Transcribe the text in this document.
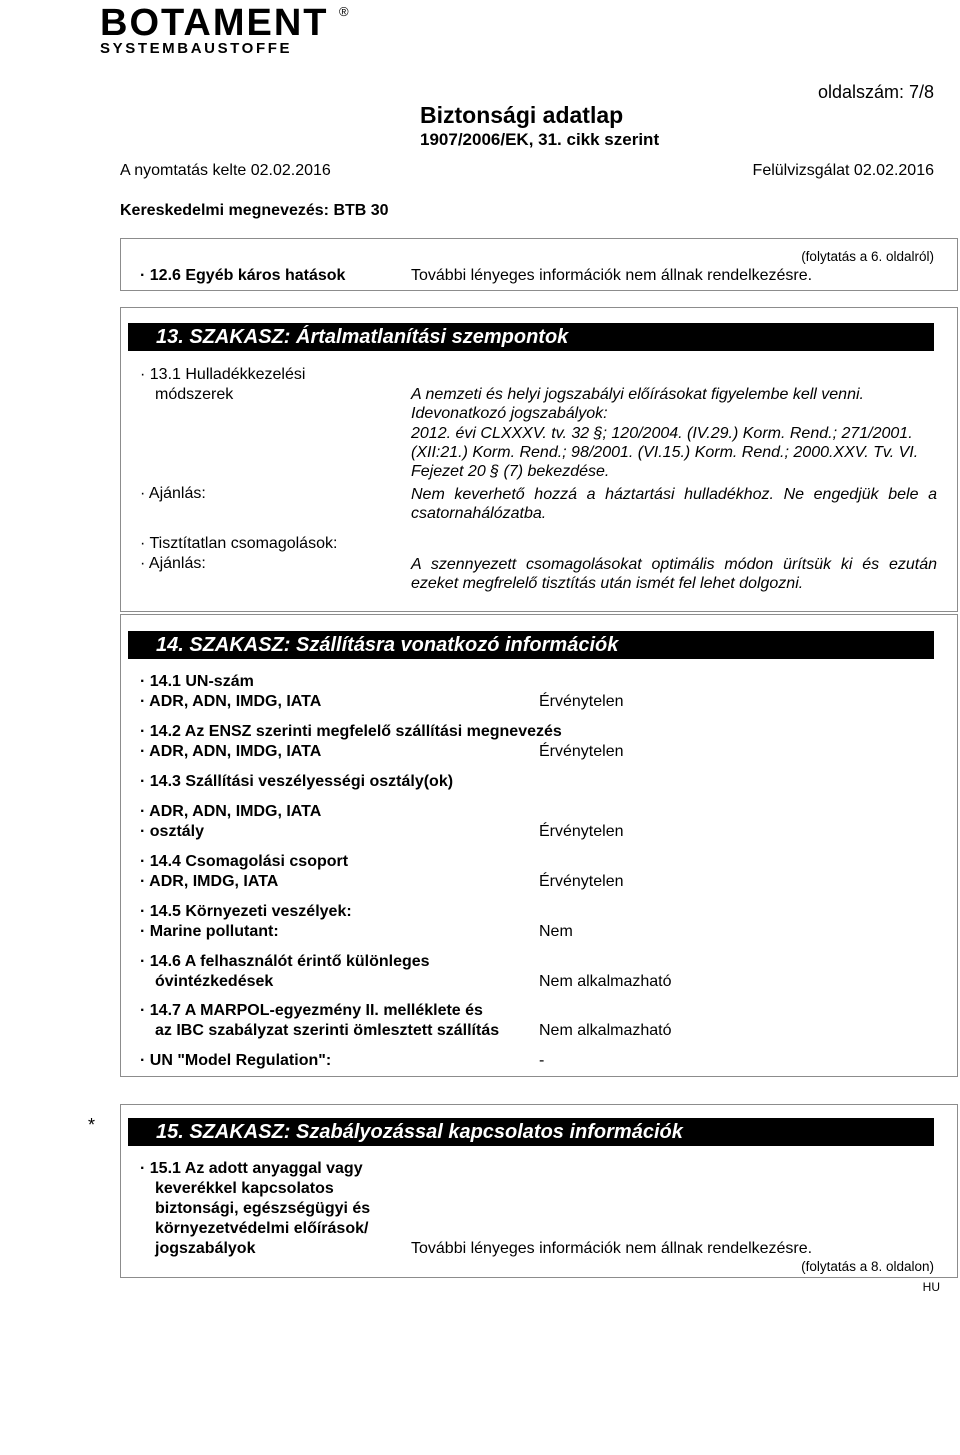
BOTAMENT ®
SYSTEMBAUSTOFFE
oldalszám: 7/8
Biztonsági adatlap
1907/2006/EK, 31. cikk szerint
A nyomtatás kelte 02.02.2016	Felülvizsgálat 02.02.2016
Kereskedelmi megnevezés: BTB 30
(folytatás a 6. oldalról)
· 12.6 Egyéb káros hatások	További lényeges információk nem állnak rendelkezésre.
13. SZAKASZ: Ártalmatlanítási szempontok
· 13.1 Hulladékkezelési
módszerek	A nemzeti és helyi jogszabályi előírásokat figyelembe kell venni.
Idevonatkozó jogszabályok:
2012. évi CLXXXV. tv. 32 §; 120/2004. (IV.29.) Korm. Rend.; 271/2001. (XII:21.) Korm. Rend.; 98/2001. (VI.15.) Korm. Rend.; 2000.XXV. Tv. VI. Fejezet 20 § (7) bekezdése.
· Ajánlás:	Nem keverhető hozzá a háztartási hulladékhoz. Ne engedjük bele a csatornahálózatba.
· Tisztítatlan csomagolások:
· Ajánlás:	A szennyezett csomagolásokat optimális módon ürítsük ki és ezután ezeket megfrelelő tisztítás után ismét fel lehet dolgozni.
14. SZAKASZ: Szállításra vonatkozó információk
· 14.1 UN-szám
· ADR, ADN, IMDG, IATA	Érvénytelen
· 14.2 Az ENSZ szerinti megfelelő szállítási megnevezés
· ADR, ADN, IMDG, IATA	Érvénytelen
· 14.3 Szállítási veszélyességi osztály(ok)
· ADR, ADN, IMDG, IATA
· osztály	Érvénytelen
· 14.4 Csomagolási csoport
· ADR, IMDG, IATA	Érvénytelen
· 14.5 Környezeti veszélyek:
· Marine pollutant:	Nem
· 14.6 A felhasználót érintő különleges
óvintézkedések	Nem alkalmazható
· 14.7 A MARPOL-egyezmény II. melléklete és
az IBC szabályzat szerinti ömlesztett szállítás Nem alkalmazható
· UN "Model Regulation":	-
*	15. SZAKASZ: Szabályozással kapcsolatos információk
· 15.1 Az adott anyaggal vagy
keverékkel kapcsolatos
biztonsági, egészségügyi és
környezetvédelmi előírások/
jogszabályok	További lényeges információk nem állnak rendelkezésre.
(folytatás a 8. oldalon)
HU
